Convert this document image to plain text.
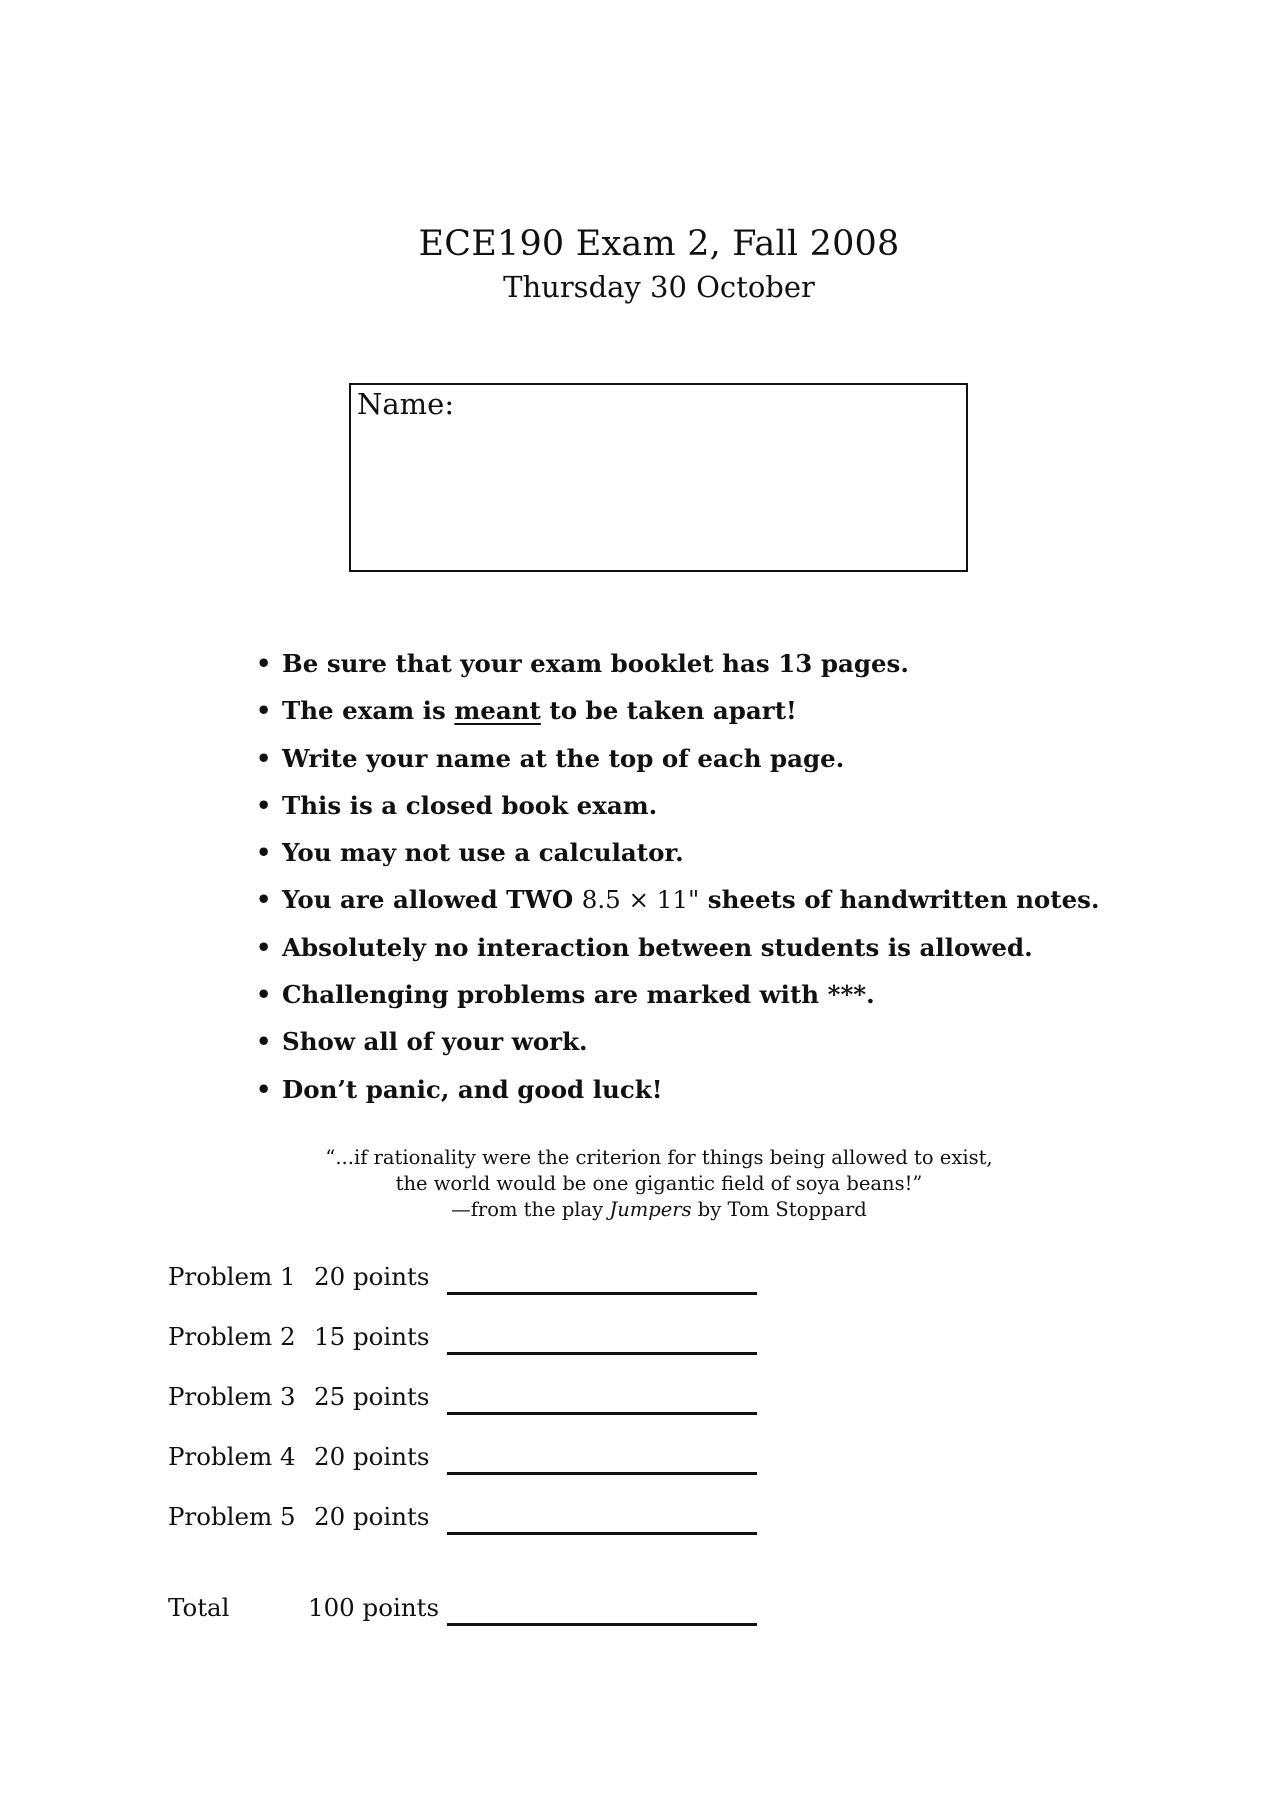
ECE190 Exam 2, Fall 2008
Thursday 30 October
Name:
• Be sure that your exam booklet has 13 pages.
• The exam is meant to be taken apart!
• Write your name at the top of each page.
• This is a closed book exam.
• You may not use a calculator.
• You are allowed TWO 8.5 × 11" sheets of handwritten notes.
• Absolutely no interaction between students is allowed.
• Challenging problems are marked with ***.
• Show all of your work.
• Don’t panic, and good luck!
“...if rationality were the criterion for things being allowed to exist,
the world would be one gigantic field of soya beans!”
—from the play Jumpers by Tom Stoppard
Problem 1 20 points
Problem 2 15 points
Problem 3 25 points
Problem 4 20 points
Problem 5 20 points
Total	100 points
